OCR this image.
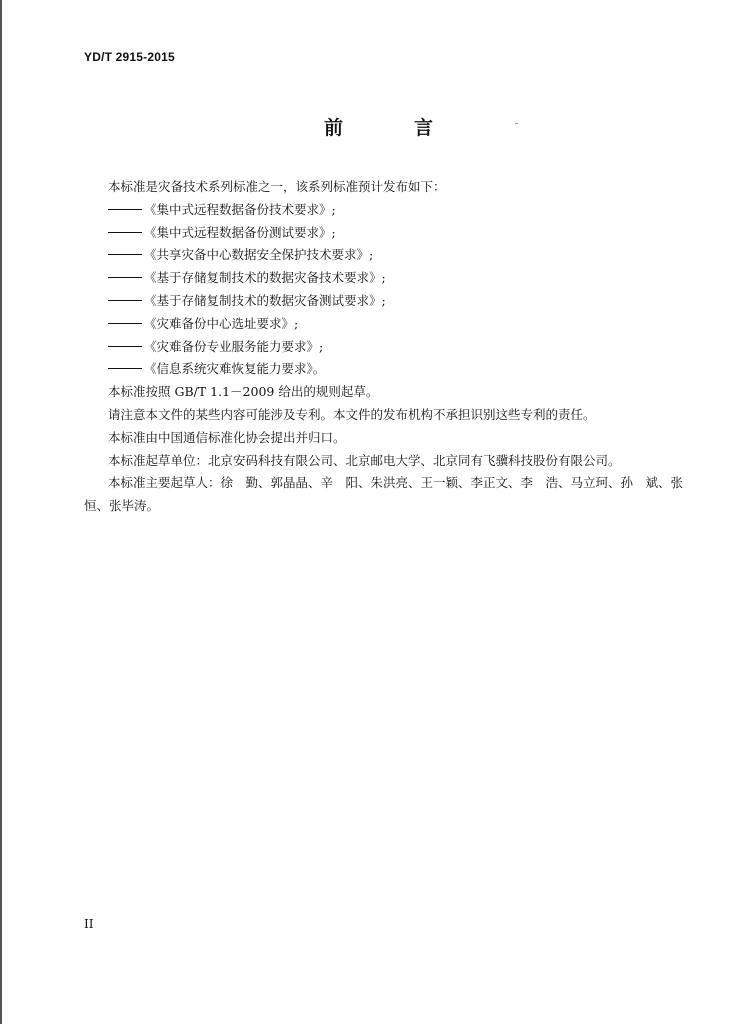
YD/T 2915-2015
前　言

本标准是灾备技术系列标准之一，该系列标准预计发布如下：

《集中式远程数据备份技术要求》;

《集中式远程数据备份测试要求》;

《共享灾备中心数据安全保护技术要求》;

《基于存储复制技术的数据灾备技术要求》;

《基于存储复制技术的数据灾备测试要求》;

《灾难备份中心选址要求》;

《灾难备份专业服务能力要求》;

《信息系统灾难恢复能力要求》。

本标准按照 GB/T 1.1－2009 给出的规则起草。

请注意本文件的某些内容可能涉及专利。本文件的发布机构不承担识别这些专利的责任。

本标准由中国通信标准化协会提出并归口。

本标准起草单位：北京安码科技有限公司、北京邮电大学、北京同有飞骥科技股份有限公司。

本标准主要起草人：徐　勤、郭晶晶、辛　阳、朱洪亮、王一颖、李正文、李　浩、马立珂、孙　斌、张　恒、张毕涛。

II
